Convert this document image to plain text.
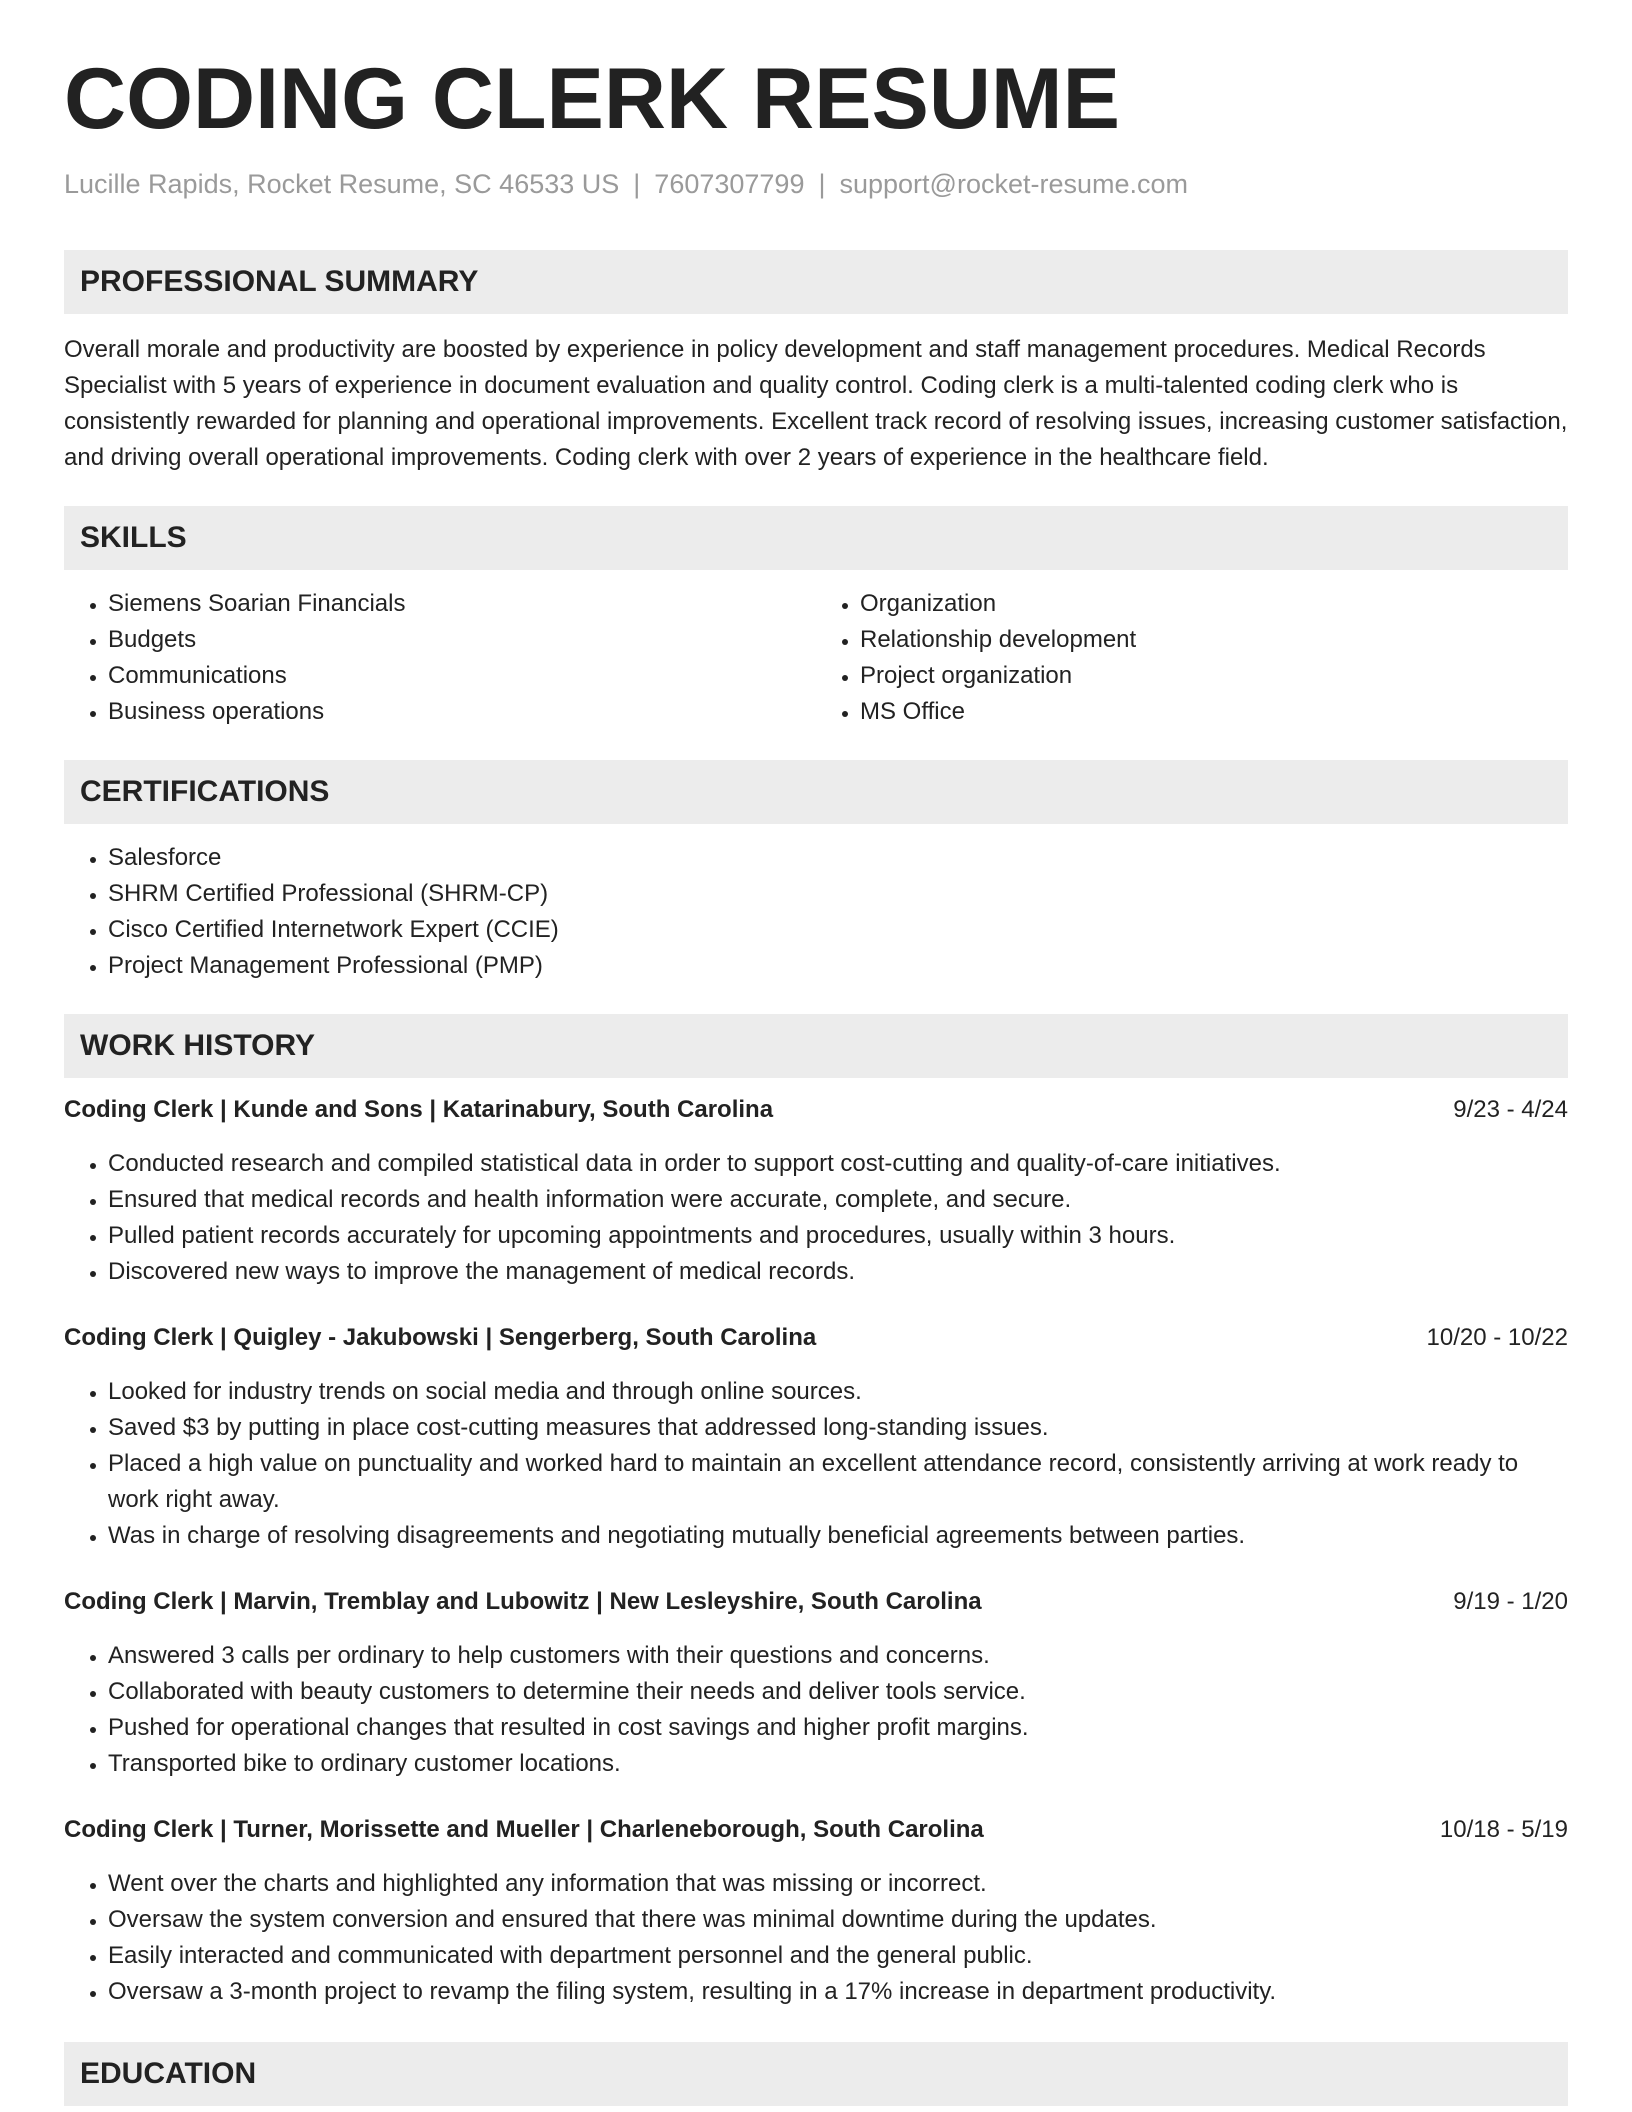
CODING CLERK RESUME
Lucille Rapids, Rocket Resume, SC 46533 US | 7607307799 | support@rocket-resume.com
PROFESSIONAL SUMMARY

Overall morale and productivity are boosted by experience in policy development and staff management procedures. Medical Records Specialist with 5 years of experience in document evaluation and quality control. Coding clerk is a multi-talented coding clerk who is consistently rewarded for planning and operational improvements. Excellent track record of resolving issues, increasing customer satisfaction, and driving overall operational improvements. Coding clerk with over 2 years of experience in the healthcare field.

SKILLS
• Siemens Soarian Financials
• Budgets
• Communications
• Business operations
• Organization
• Relationship development
• Project organization
• MS Office
CERTIFICATIONS
• Salesforce
• SHRM Certified Professional (SHRM-CP)
• Cisco Certified Internetwork Expert (CCIE)
• Project Management Professional (PMP)
WORK HISTORY
Coding Clerk | Kunde and Sons | Katarinabury, South Carolina	9/23 - 4/24
• Conducted research and compiled statistical data in order to support cost-cutting and quality-of-care initiatives.
• Ensured that medical records and health information were accurate, complete, and secure.
• Pulled patient records accurately for upcoming appointments and procedures, usually within 3 hours.
• Discovered new ways to improve the management of medical records.
Coding Clerk | Quigley - Jakubowski | Sengerberg, South Carolina	10/20 - 10/22
• Looked for industry trends on social media and through online sources.
• Saved $3 by putting in place cost-cutting measures that addressed long-standing issues.
• Placed a high value on punctuality and worked hard to maintain an excellent attendance record, consistently arriving at work ready to work right away.
• Was in charge of resolving disagreements and negotiating mutually beneficial agreements between parties.
Coding Clerk | Marvin, Tremblay and Lubowitz | New Lesleyshire, South Carolina	9/19 - 1/20
• Answered 3 calls per ordinary to help customers with their questions and concerns.
• Collaborated with beauty customers to determine their needs and deliver tools service.
• Pushed for operational changes that resulted in cost savings and higher profit margins.
• Transported bike to ordinary customer locations.
Coding Clerk | Turner, Morissette and Mueller | Charleneborough, South Carolina	10/18 - 5/19
• Went over the charts and highlighted any information that was missing or incorrect.
• Oversaw the system conversion and ensured that there was minimal downtime during the updates.
• Easily interacted and communicated with department personnel and the general public.
• Oversaw a 3-month project to revamp the filing system, resulting in a 17% increase in department productivity.
EDUCATION
